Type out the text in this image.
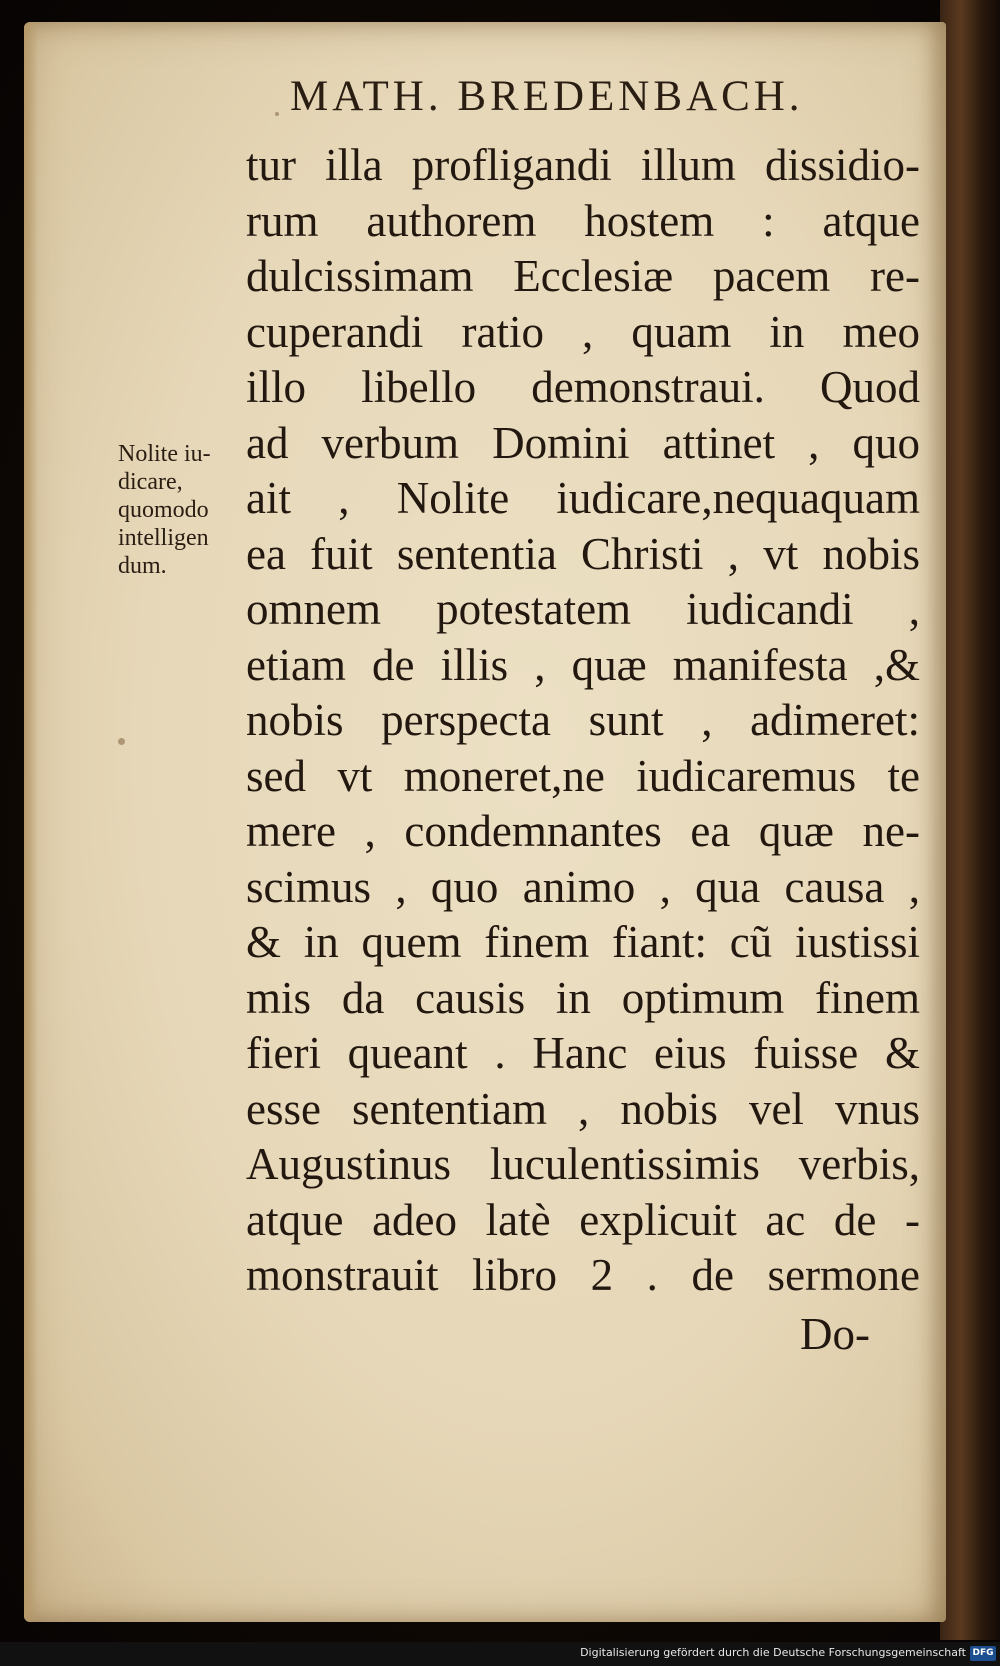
MATH. BREDENBACH.
Nolite iu-
dicare,
quomodo
intelligen
dum.
tur illa profligandi illum dissidio-
rum authorem hostem : atque
dulcissimam Ecclesiæ pacem re-
cuperandi ratio , quam in meo
illo libello demonstraui. Quod
ad verbum Domini attinet , quo
ait , Nolite iudicare,nequaquam
ea fuit sententia Christi , vt nobis
omnem potestatem iudicandi ,
etiam de illis , quæ manifesta ,&
nobis perspecta sunt , adimeret:
sed vt moneret,ne iudicaremus te
mere , condemnantes ea quæ ne-
scimus , quo animo , qua causa ,
& in quem finem fiant: cũ iustissi
mis da causis in optimum finem
fieri queant . Hanc eius fuisse &
esse sententiam , nobis vel vnus
Augustinus luculentissimis verbis,
atque adeo latè explicuit ac de -
monstrauit libro 2 . de sermone
Do-
Digitalisierung gefördert durch die Deutsche Forschungsgemeinschaft DFG
